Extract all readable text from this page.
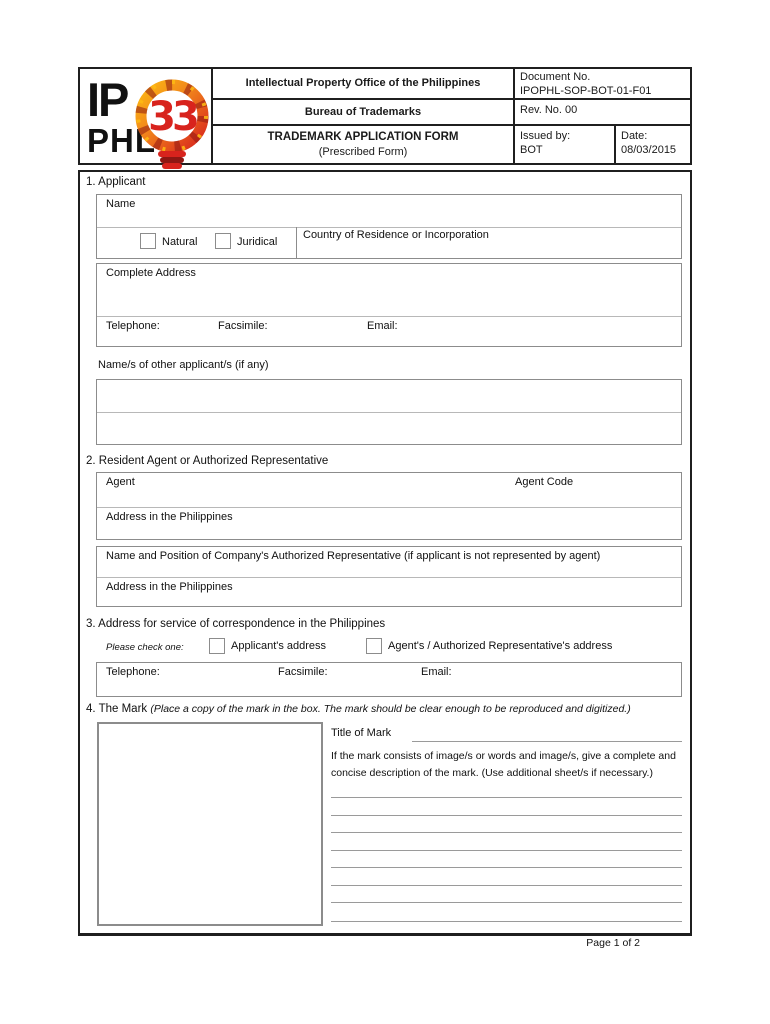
IP
PHL
33
Intellectual Property Office of the Philippines
Document No.
IPOPHL-SOP-BOT-01-F01
Bureau of Trademarks	Rev. No. 00
TRADEMARK APPLICATION FORM
(Prescribed Form)
Issued by:
BOT
Date:
08/03/2015
1. Applicant
Name
Natural	Juridical
Country of Residence or Incorporation
Complete Address
Telephone:	Facsimile:	Email:
Name/s of other applicant/s (if any)
2. Resident Agent or Authorized Representative
Agent	Agent Code
Address in the Philippines
Name and Position of Company's Authorized Representative (if applicant is not represented by agent)
Address in the Philippines
3. Address for service of correspondence in the Philippines
Please check one:	Applicant's address	Agent's / Authorized Representative's address
Telephone:	Facsimile:	Email:
4. The Mark (Place a copy of the mark in the box. The mark should be clear enough to be reproduced and digitized.)
Title of Mark
If the mark consists of image/s or words and image/s, give a complete and concise description of the mark. (Use additional sheet/s if necessary.)
Page 1 of 2
